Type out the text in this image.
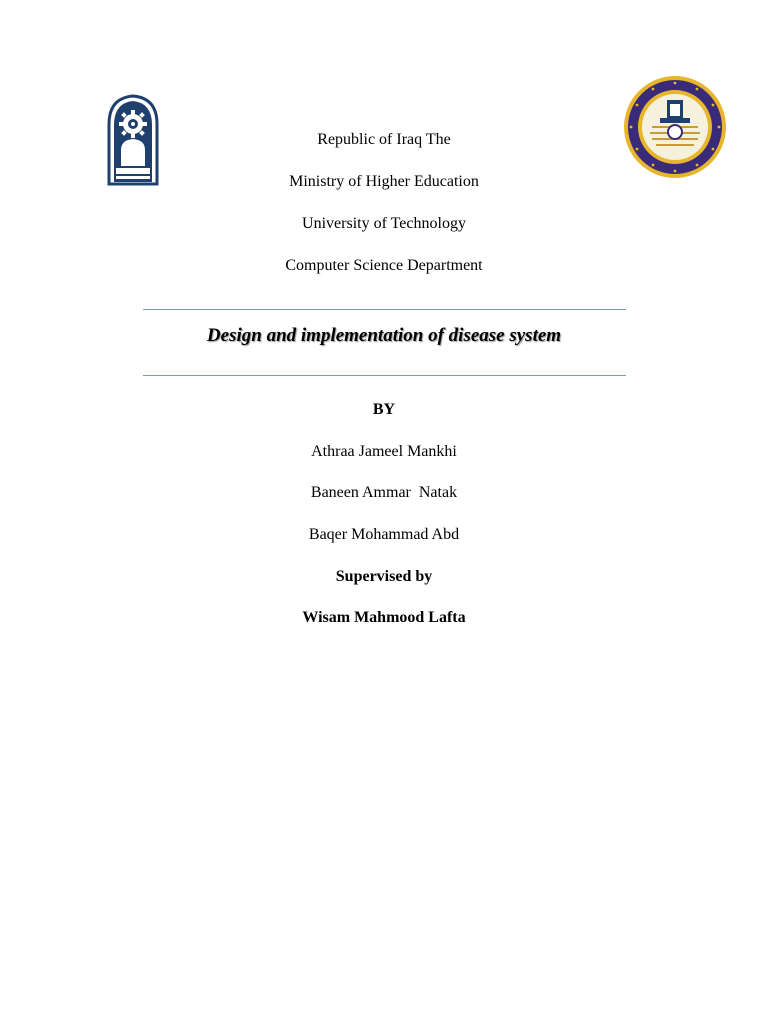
Republic of Iraq The
Ministry of Higher Education
University of Technology
Computer Science Department
Design and implementation of disease system
BY
Athraa Jameel Mankhi
Baneen Ammar  Natak
Baqer Mohammad Abd
Supervised by
Wisam Mahmood Lafta
